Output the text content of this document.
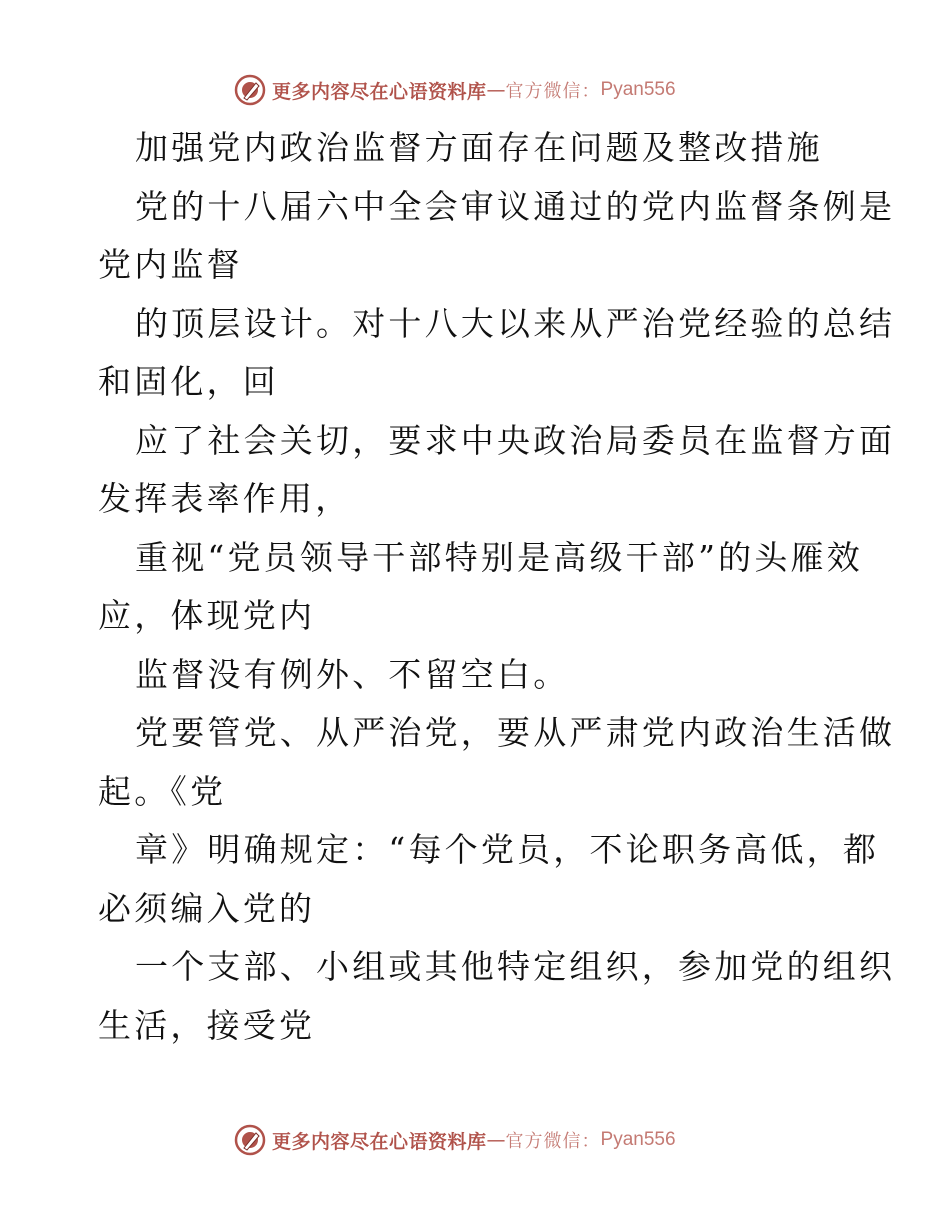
更多内容尽在心语资料库 — 官方微信： Pyan556
加强党内政治监督方面存在问题及整改措施
党的十八届六中全会审议通过的党内监督条例是
党内监督
的顶层设计。对十八大以来从严治党经验的总结
和固化，回
应了社会关切，要求中央政治局委员在监督方面
发挥表率作用，
重视“党员领导干部特别是高级干部”的头雁效
应，体现党内
监督没有例外、不留空白。
党要管党、从严治党，要从严肃党内政治生活做
起。《党
章》明确规定：“每个党员，不论职务高低，都
必须编入党的
一个支部、小组或其他特定组织，参加党的组织
生活，接受党
更多内容尽在心语资料库 — 官方微信： Pyan556
